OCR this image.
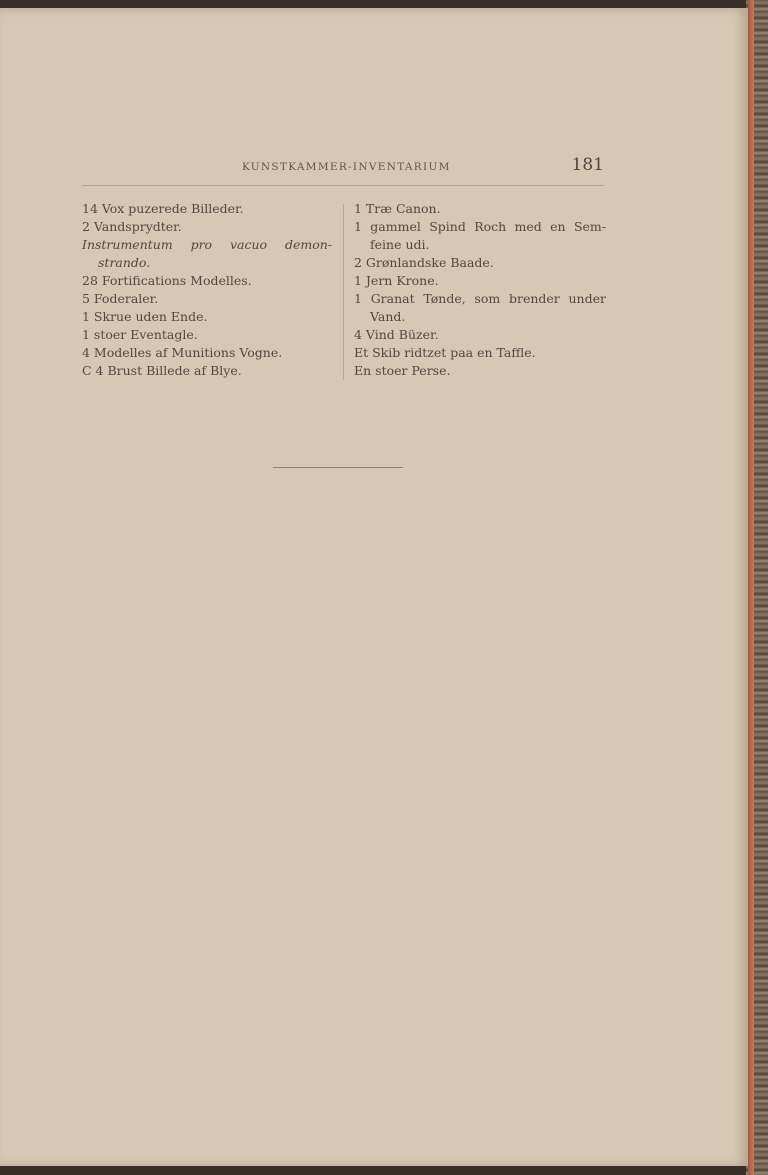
KUNSTKAMMER-INVENTARIUM	181

14 Vox puzerede Billeder.

2 Vandsprydter.

Instrumentum pro vacuo demon-

strando.

28 Fortifications Modelles.

5 Foderaler.

1 Skrue uden Ende.

1 stoer Eventagle.

4 Modelles af Munitions Vogne.

C 4 Brust Billede af Blye.

1 Træ Canon.

1 gammel Spind Roch med en Sem-

feine udi.

2 Grønlandske Baade.

1 Jern Krone.

1 Granat Tønde, som brender under

Vand.

4 Vind Büzer.

Et Skib ridtzet paa en Taffle.

En stoer Perse.
